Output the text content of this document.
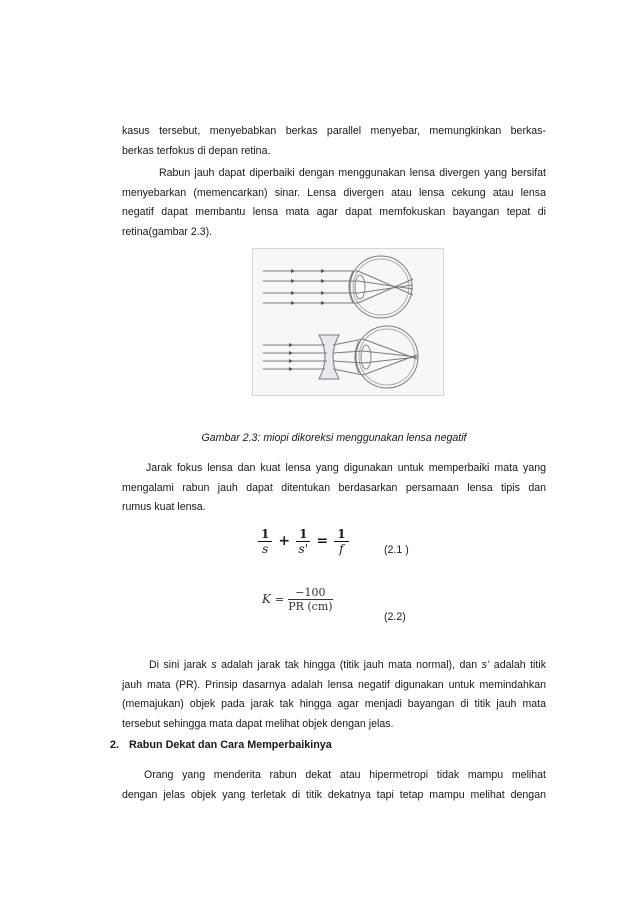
kasus tersebut, menyebabkan berkas parallel menyebar, memungkinkan berkas-
berkas terfokus di depan retina.
Rabun jauh dapat diperbaiki dengan menggunakan lensa divergen yang bersifat
menyebarkan (memencarkan) sinar. Lensa divergen atau lensa cekung atau lensa
negatif dapat membantu lensa mata agar dapat memfokuskan bayangan tepat di
retina(gambar 2.3).
Gambar 2.3: miopi dikoreksi menggunakan lensa negatif
Jarak fokus lensa dan kuat lensa yang digunakan untuk memperbaiki mata yang
mengalami rabun jauh dapat ditentukan berdasarkan persamaan lensa tipis dan
rumus kuat lensa.
$\frac{1}{s} + \frac{1}{s'} = \frac{1}{f}$	(2.1 )
$K = \frac{-100}{PR (cm)}$
(2.2)
Di sini jarak s adalah jarak tak hingga (titik jauh mata normal), dan s’ adalah titik
jauh mata (PR). Prinsip dasarnya adalah lensa negatif digunakan untuk memindahkan
(memajukan) objek pada jarak tak hingga agar menjadi bayangan di titik jauh mata
tersebut sehingga mata dapat melihat objek dengan jelas.
2. Rabun Dekat dan Cara Memperbaikinya
Orang yang menderita rabun dekat atau hipermetropi tidak mampu melihat
dengan jelas objek yang terletak di titik dekatnya tapi tetap mampu melihat dengan
